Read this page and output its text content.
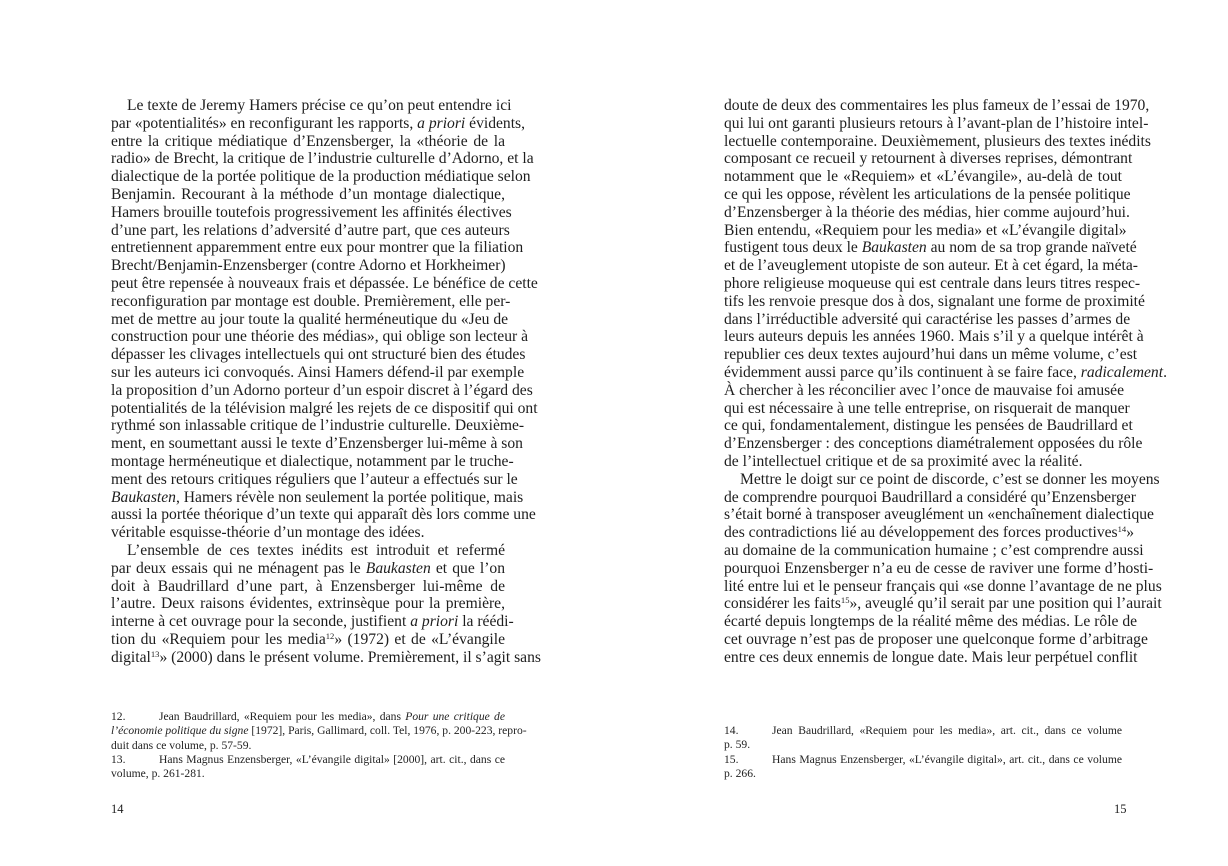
Le texte de Jeremy Hamers précise ce qu’on peut entendre ici
par «potentialités» en reconfigurant les rapports, a priori évidents,
entre la critique médiatique d’Enzensberger, la «théorie de la
radio» de Brecht, la critique de l’industrie culturelle d’Adorno, et la
dialectique de la portée politique de la production médiatique selon
Benjamin. Recourant à la méthode d’un montage dialectique,
Hamers brouille toutefois progressivement les affinités électives
d’une part, les relations d’adversité d’autre part, que ces auteurs
entretiennent apparemment entre eux pour montrer que la filiation
Brecht/Benjamin-Enzensberger (contre Adorno et Horkheimer)
peut être repensée à nouveaux frais et dépassée. Le bénéfice de cette
reconfiguration par montage est double. Premièrement, elle per-
met de mettre au jour toute la qualité herméneutique du «Jeu de
construction pour une théorie des médias», qui oblige son lecteur à
dépasser les clivages intellectuels qui ont structuré bien des études
sur les auteurs ici convoqués. Ainsi Hamers défend-il par exemple
la proposition d’un Adorno porteur d’un espoir discret à l’égard des
potentialités de la télévision malgré les rejets de ce dispositif qui ont
rythmé son inlassable critique de l’industrie culturelle. Deuxième-
ment, en soumettant aussi le texte d’Enzensberger lui-même à son
montage herméneutique et dialectique, notamment par le truche-
ment des retours critiques réguliers que l’auteur a effectués sur le
Baukasten, Hamers révèle non seulement la portée politique, mais
aussi la portée théorique d’un texte qui apparaît dès lors comme une
véritable esquisse-théorie d’un montage des idées.
L’ensemble de ces textes inédits est introduit et refermé
par deux essais qui ne ménagent pas le Baukasten et que l’on
doit à Baudrillard d’une part, à Enzensberger lui-même de
l’autre. Deux raisons évidentes, extrinsèque pour la première,
interne à cet ouvrage pour la seconde, justifient a priori la réédi-
tion du «Requiem pour les media$^{12}$» (1972) et de «L’évangile
digital$^{13}$» (2000) dans le présent volume. Premièrement, il s’agit sans
doute de deux des commentaires les plus fameux de l’essai de 1970,
qui lui ont garanti plusieurs retours à l’avant-plan de l’histoire intel-
lectuelle contemporaine. Deuxièmement, plusieurs des textes inédits
composant ce recueil y retournent à diverses reprises, démontrant
notamment que le «Requiem» et «L’évangile», au-delà de tout
ce qui les oppose, révèlent les articulations de la pensée politique
d’Enzensberger à la théorie des médias, hier comme aujourd’hui.
Bien entendu, «Requiem pour les media» et «L’évangile digital»
fustigent tous deux le Baukasten au nom de sa trop grande naïveté
et de l’aveuglement utopiste de son auteur. Et à cet égard, la méta-
phore religieuse moqueuse qui est centrale dans leurs titres respec-
tifs les renvoie presque dos à dos, signalant une forme de proximité
dans l’irréductible adversité qui caractérise les passes d’armes de
leurs auteurs depuis les années 1960. Mais s’il y a quelque intérêt à
republier ces deux textes aujourd’hui dans un même volume, c’est
évidemment aussi parce qu’ils continuent à se faire face, radicalement.
À chercher à les réconcilier avec l’once de mauvaise foi amusée
qui est nécessaire à une telle entreprise, on risquerait de manquer
ce qui, fondamentalement, distingue les pensées de Baudrillard et
d’Enzensberger : des conceptions diamétralement opposées du rôle
de l’intellectuel critique et de sa proximité avec la réalité.
Mettre le doigt sur ce point de discorde, c’est se donner les moyens
de comprendre pourquoi Baudrillard a considéré qu’Enzensberger
s’était borné à transposer aveuglément un «enchaînement dialectique
des contradictions lié au développement des forces productives$^{14}$»
au domaine de la communication humaine ; c’est comprendre aussi
pourquoi Enzensberger n’a eu de cesse de raviver une forme d’hosti-
lité entre lui et le penseur français qui «se donne l’avantage de ne plus
considérer les faits$^{15}$», aveuglé qu’il serait par une position qui l’aurait
écarté depuis longtemps de la réalité même des médias. Le rôle de
cet ouvrage n’est pas de proposer une quelconque forme d’arbitrage
entre ces deux ennemis de longue date. Mais leur perpétuel conflit
12.	Jean Baudrillard, «Requiem pour les media», dans Pour une critique de
l’économie politique du signe [1972], Paris, Gallimard, coll. Tel, 1976, p. 200-223, repro-
duit dans ce volume, p. 57-59.
13.	Hans Magnus Enzensberger, «L’évangile digital» [2000], art. cit., dans ce
volume, p. 261-281.
14.	Jean Baudrillard, «Requiem pour les media», art. cit., dans ce volume
p. 59.
15.	Hans Magnus Enzensberger, «L’évangile digital», art. cit., dans ce volume
p. 266.
14	15
